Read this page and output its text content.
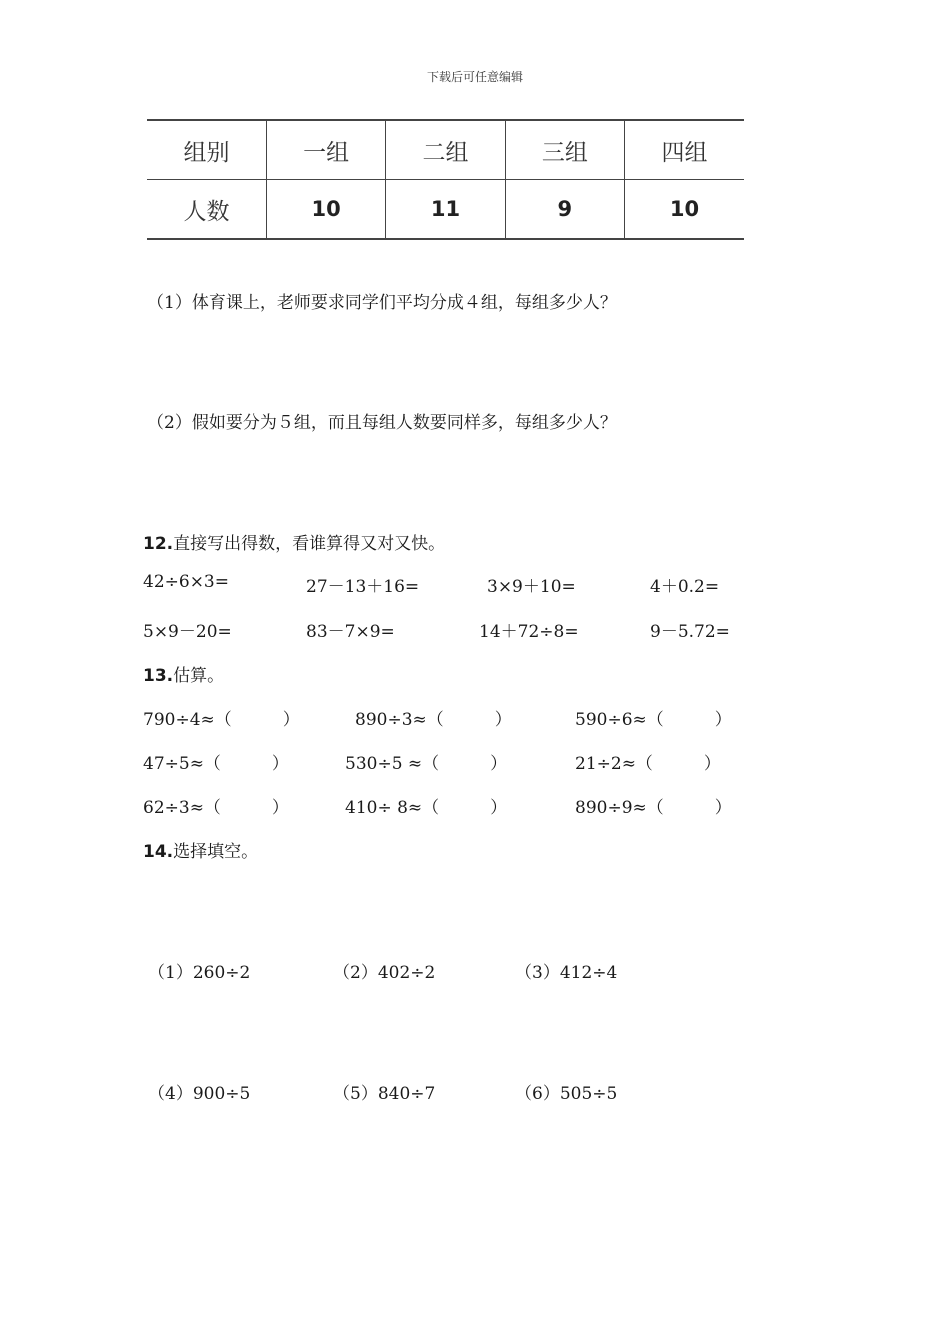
下载后可任意编辑
组别	一组	二组	三组	四组
人数	10	11	9	10
（1）体育课上，老师要求同学们平均分成４组，每组多少人？
（2）假如要分为５组，而且每组人数要同样多，每组多少人？
12.直接写出得数，看谁算得又对又快。
42÷6×3=	27－13＋16=	3×9＋10=	4＋0.2=
5×9－20=	83－7×9=	14＋72÷8=	9－5.72=
13.估算。
790÷4≈（　　　）	890÷3≈（　　　）	590÷6≈（　　　）
47÷5≈（　　　）	530÷5 ≈（　　　）	21÷2≈（　　　）
62÷3≈（　　　）	410÷ 8≈（　　　）	890÷9≈（　　　）
14.选择填空。
（1）260÷2	（2）402÷2	（3）412÷4
（4）900÷5	（5）840÷7	（6）505÷5
